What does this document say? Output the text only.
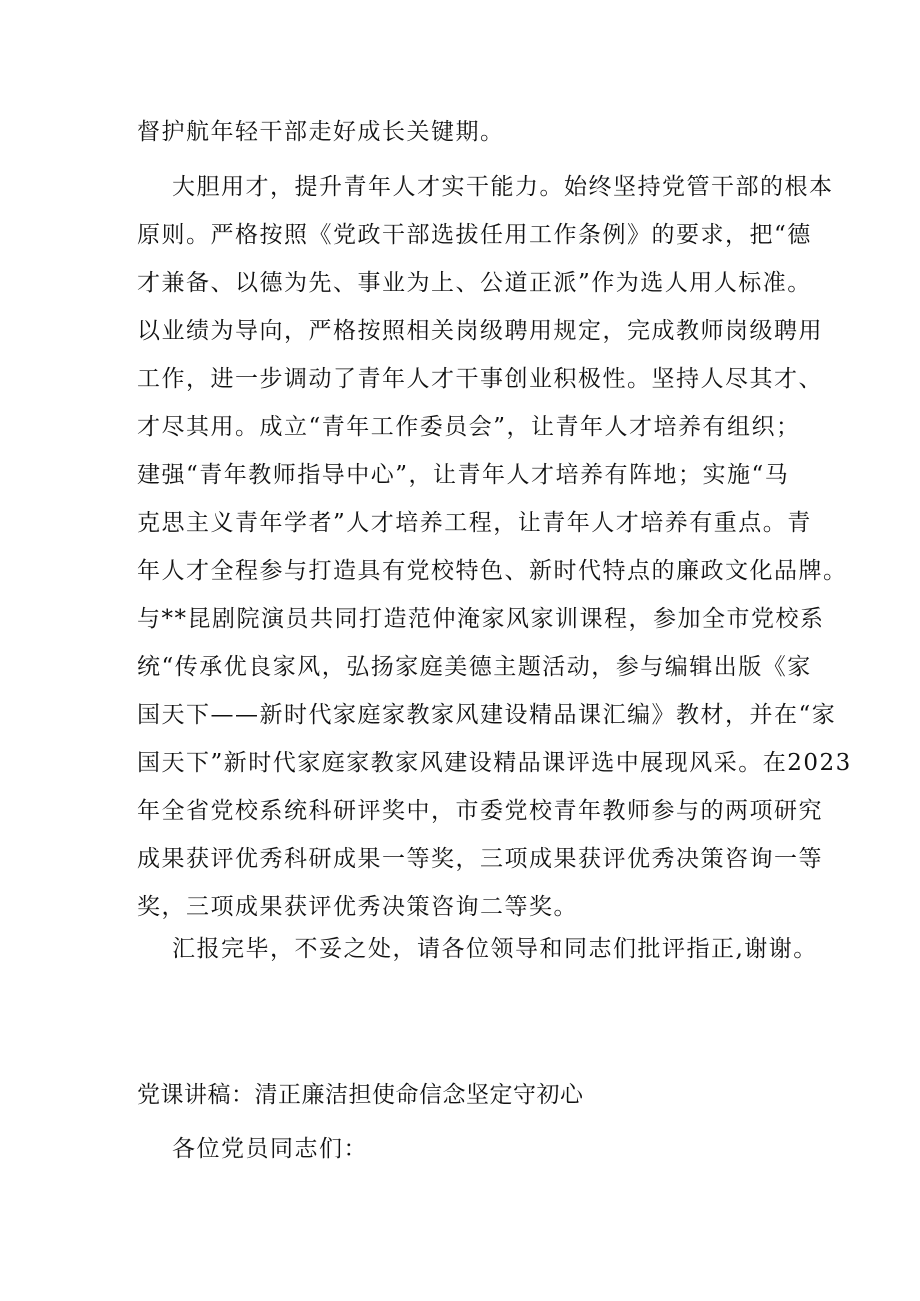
督护航年轻干部走好成长关键期。
大胆用才，提升青年人才实干能力。始终坚持党管干部的根本
原则。严格按照《党政干部选拔任用工作条例》的要求，把“德
才兼备、以德为先、事业为上、公道正派”作为选人用人标准。
以业绩为导向，严格按照相关岗级聘用规定，完成教师岗级聘用
工作，进一步调动了青年人才干事创业积极性。坚持人尽其才、
才尽其用。成立“青年工作委员会”，让青年人才培养有组织；
建强“青年教师指导中心”，让青年人才培养有阵地；实施“马
克思主义青年学者”人才培养工程，让青年人才培养有重点。青
年人才全程参与打造具有党校特色、新时代特点的廉政文化品牌。
与**昆剧院演员共同打造范仲淹家风家训课程，参加全市党校系
统“传承优良家风，弘扬家庭美德主题活动，参与编辑出版《家
国天下——新时代家庭家教家风建设精品课汇编》教材，并在“家
国天下”新时代家庭家教家风建设精品课评选中展现风采。在2023
年全省党校系统科研评奖中，市委党校青年教师参与的两项研究
成果获评优秀科研成果一等奖，三项成果获评优秀决策咨询一等
奖，三项成果获评优秀决策咨询二等奖。
汇报完毕，不妥之处，请各位领导和同志们批评指正,谢谢。
党课讲稿：清正廉洁担使命信念坚定守初心
各位党员同志们：
